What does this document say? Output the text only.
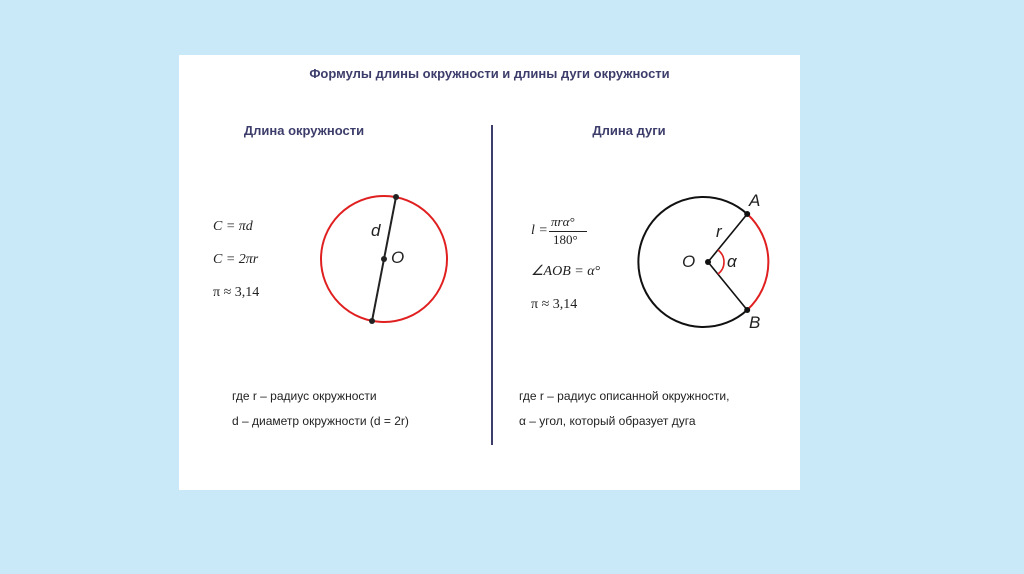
Формулы длины окружности и длины дуги окружности
Длина окружности	Длина дуги
C = πd
C = 2πr
π ≈ 3,14
где r – радиус окружности
d – диаметр окружности (d = 2r)
l =
πrα°
180°
∠AOB = α°
π ≈ 3,14
где r – радиус описанной окружности,
α – угол, который образует дуга
d
O
A
B
O
r
α
